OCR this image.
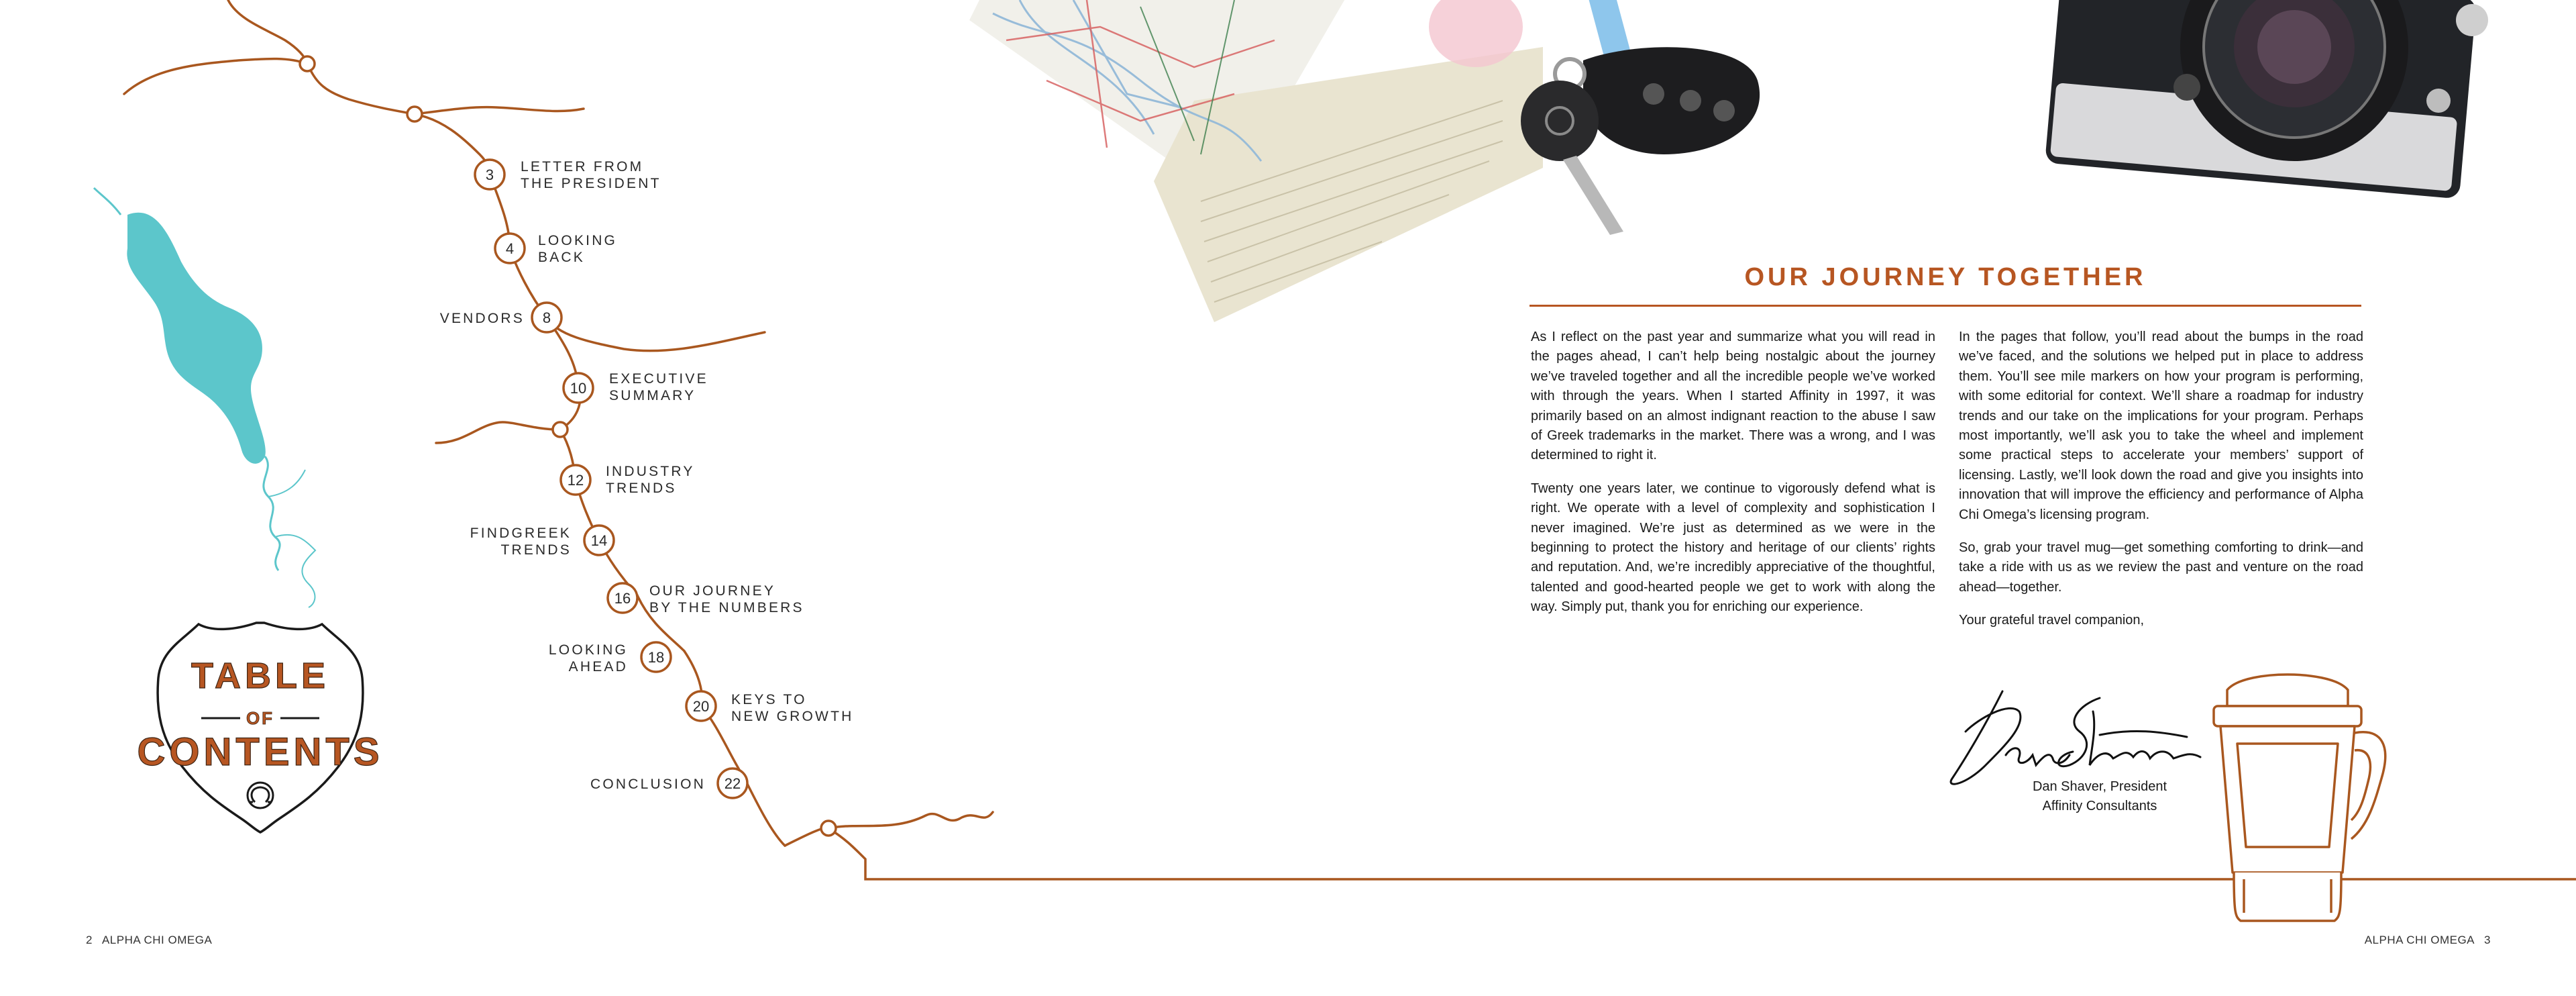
TABLE
OF
CONTENTS
3
4
8
10
12
14
16
18
20
22
LETTER FROM
THE PRESIDENT
LOOKING
BACK
VENDORS
EXECUTIVE
SUMMARY
INDUSTRY
TRENDS
FINDGREEK
TRENDS
OUR JOURNEY
BY THE NUMBERS
LOOKING
AHEAD
KEYS TO
NEW GROWTH
CONCLUSION
OUR JOURNEY TOGETHER

As I reflect on the past year and summarize what you will read in the pages ahead, I can’t help being nostalgic about the journey we’ve traveled together and all the incredible people we’ve worked with through the years. When I started Affinity in 1997, it was primarily based on an almost indignant reaction to the abuse I saw of Greek trademarks in the market. There was a wrong, and I was determined to right it.

Twenty one years later, we continue to vigorously defend what is right. We operate with a level of complexity and sophistication I never imagined. We’re just as determined as we were in the beginning to protect the history and heritage of our clients’ rights and reputation. And, we’re incredibly appreciative of the thoughtful, talented and good-hearted people we get to work with along the way. Simply put, thank you for enriching our experience.

In the pages that follow, you’ll read about the bumps in the road we’ve faced, and the solutions we helped put in place to address them. You’ll see mile markers on how your program is performing, with some editorial for context. We’ll share a roadmap for industry trends and our take on the implications for your program. Perhaps most importantly, we’ll ask you to take the wheel and implement some practical steps to accelerate your members’ support of licensing. Lastly, we’ll look down the road and give you insights into innovation that will improve the efficiency and performance of Alpha Chi Omega’s licensing program.

So, grab your travel mug—get something comforting to drink—and take a ride with us as we review the past and venture on the road ahead—together.

Your grateful travel companion,

Dan Shaver, President
Affinity Consultants
2 ALPHA CHI OMEGA	ALPHA CHI OMEGA 3
